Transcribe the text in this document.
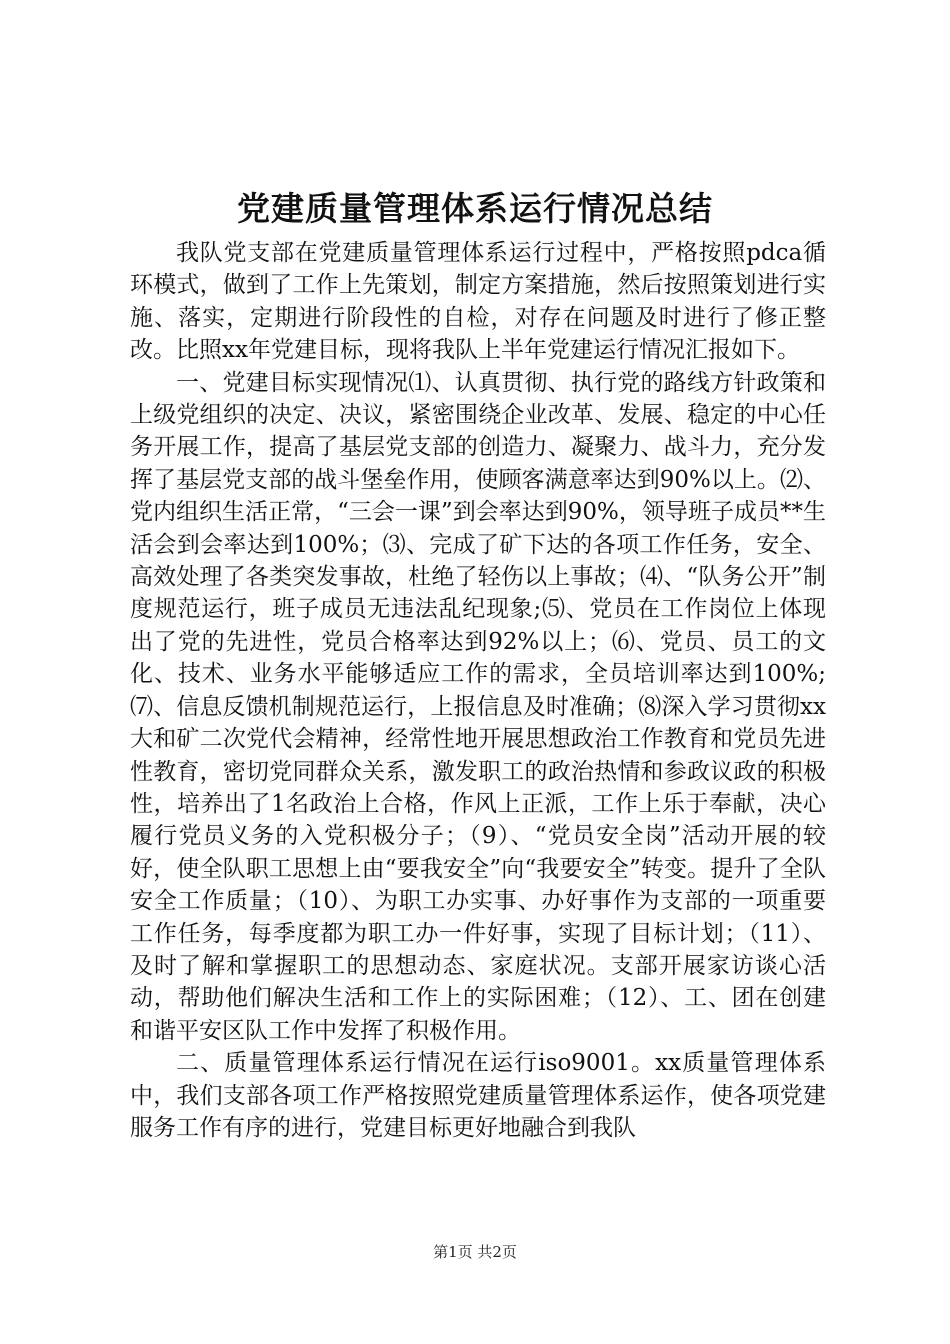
党建质量管理体系运行情况总结

我队党支部在党建质量管理体系运行过程中，严格按照pdca循环模式，做到了工作上先策划，制定方案措施，然后按照策划进行实施、落实，定期进行阶段性的自检，对存在问题及时进行了修正整改。比照xx年党建目标，现将我队上半年党建运行情况汇报如下。

一、党建目标实现情况⑴、认真贯彻、执行党的路线方针政策和上级党组织的决定、决议，紧密围绕企业改革、发展、稳定的中心任务开展工作，提高了基层党支部的创造力、凝聚力、战斗力，充分发挥了基层党支部的战斗堡垒作用，使顾客满意率达到90%以上。⑵、党内组织生活正常，“三会一课”到会率达到90%，领导班子成员**生活会到会率达到100%；⑶、完成了矿下达的各项工作任务，安全、高效处理了各类突发事故，杜绝了轻伤以上事故；⑷、“队务公开”制度规范运行，班子成员无违法乱纪现象;⑸、党员在工作岗位上体现出了党的先进性，党员合格率达到92%以上；⑹、党员、员工的文化、技术、业务水平能够适应工作的需求，全员培训率达到100%;⑺、信息反馈机制规范运行，上报信息及时准确；⑻深入学习贯彻xx大和矿二次党代会精神，经常性地开展思想政治工作教育和党员先进性教育，密切党同群众关系，激发职工的政治热情和参政议政的积极性，培养出了1名政治上合格，作风上正派，工作上乐于奉献，决心履行党员义务的入党积极分子；（9）、“党员安全岗”活动开展的较好，使全队职工思想上由“要我安全”向“我要安全”转变。提升了全队安全工作质量；（10）、为职工办实事、办好事作为支部的一项重要工作任务，每季度都为职工办一件好事，实现了目标计划；（11）、及时了解和掌握职工的思想动态、家庭状况。支部开展家访谈心活动，帮助他们解决生活和工作上的实际困难；（12）、工、团在创建和谐平安区队工作中发挥了积极作用。

二、质量管理体系运行情况在运行iso9001。xx质量管理体系中，我们支部各项工作严格按照党建质量管理体系运作，使各项党建服务工作有序的进行，党建目标更好地融合到我队

第1页 共2页
